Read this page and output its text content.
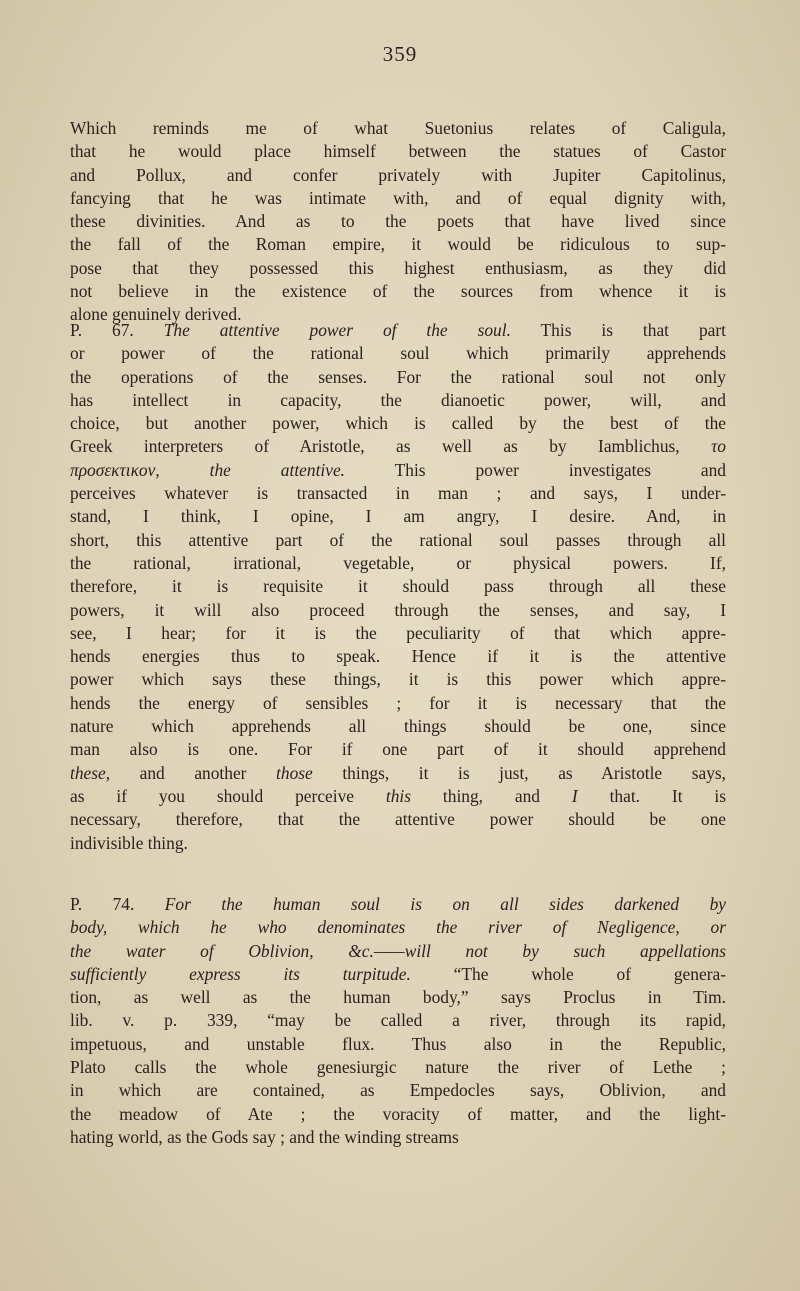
359
Which reminds me of what Suetonius relates of Caligula,
that he would place himself between the statues of Castor
and Pollux, and confer privately with Jupiter Capitolinus,
fancying that he was intimate with, and of equal dignity with,
these divinities. And as to the poets that have lived since
the fall of the Roman empire, it would be ridiculous to sup-
pose that they possessed this highest enthusiasm, as they did
not believe in the existence of the sources from whence it is
alone genuinely derived.
P. 67. The attentive power of the soul. This is that part
or power of the rational soul which primarily apprehends
the operations of the senses. For the rational soul not only
has intellect in capacity, the dianoetic power, will, and
choice, but another power, which is called by the best of the
Greek interpreters of Aristotle, as well as by Iamblichus, το
προσεκτικον, the attentive. This power investigates and
perceives whatever is transacted in man ; and says, I under-
stand, I think, I opine, I am angry, I desire. And, in
short, this attentive part of the rational soul passes through all
the rational, irrational, vegetable, or physical powers. If,
therefore, it is requisite it should pass through all these
powers, it will also proceed through the senses, and say, I
see, I hear; for it is the peculiarity of that which appre-
hends energies thus to speak. Hence if it is the attentive
power which says these things, it is this power which appre-
hends the energy of sensibles ; for it is necessary that the
nature which apprehends all things should be one, since
man also is one. For if one part of it should apprehend
these, and another those things, it is just, as Aristotle says,
as if you should perceive this thing, and I that. It is
necessary, therefore, that the attentive power should be one
indivisible thing.
P. 74. For the human soul is on all sides darkened by
body, which he who denominates the river of Negligence, or
the water of Oblivion, &c.——will not by such appellations
sufficiently express its turpitude. “The whole of genera-
tion, as well as the human body,” says Proclus in Tim.
lib. v. p. 339, “may be called a river, through its rapid,
impetuous, and unstable flux. Thus also in the Republic,
Plato calls the whole genesiurgic nature the river of Lethe ;
in which are contained, as Empedocles says, Oblivion, and
the meadow of Ate ; the voracity of matter, and the light-
hating world, as the Gods say ; and the winding streams
